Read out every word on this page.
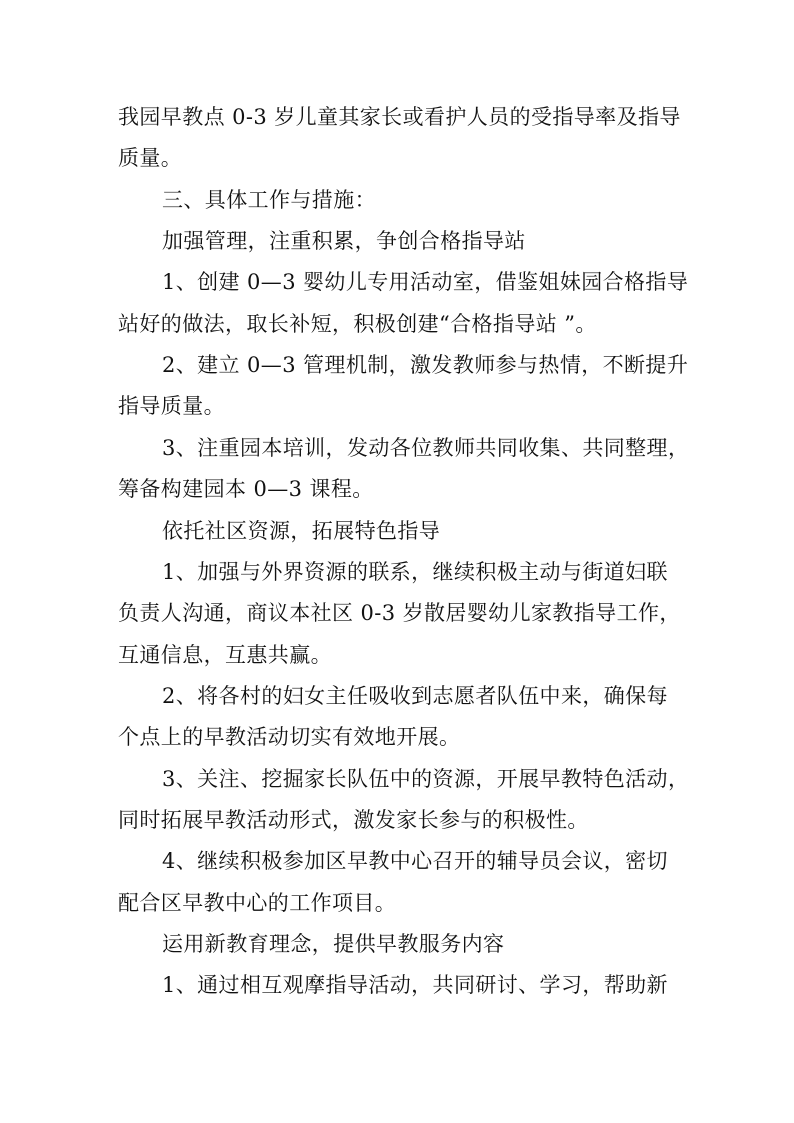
我园早教点 0-3 岁儿童其家长或看护人员的受指导率及指导
质量。
三、具体工作与措施：
加强管理，注重积累，争创合格指导站
1、创建 0—3 婴幼儿专用活动室，借鉴姐妹园合格指导
站好的做法，取长补短，积极创建“合格指导站 ”。
2、建立 0—3 管理机制，激发教师参与热情，不断提升
指导质量。
3、注重园本培训，发动各位教师共同收集、共同整理，
筹备构建园本 0—3 课程。
依托社区资源，拓展特色指导
1、加强与外界资源的联系，继续积极主动与街道妇联
负责人沟通，商议本社区 0-3 岁散居婴幼儿家教指导工作，
互通信息，互惠共赢。
2、将各村的妇女主任吸收到志愿者队伍中来，确保每
个点上的早教活动切实有效地开展。
3、关注、挖掘家长队伍中的资源，开展早教特色活动，
同时拓展早教活动形式，激发家长参与的积极性。
4、继续积极参加区早教中心召开的辅导员会议，密切
配合区早教中心的工作项目。
运用新教育理念，提供早教服务内容
1、通过相互观摩指导活动，共同研讨、学习，帮助新
